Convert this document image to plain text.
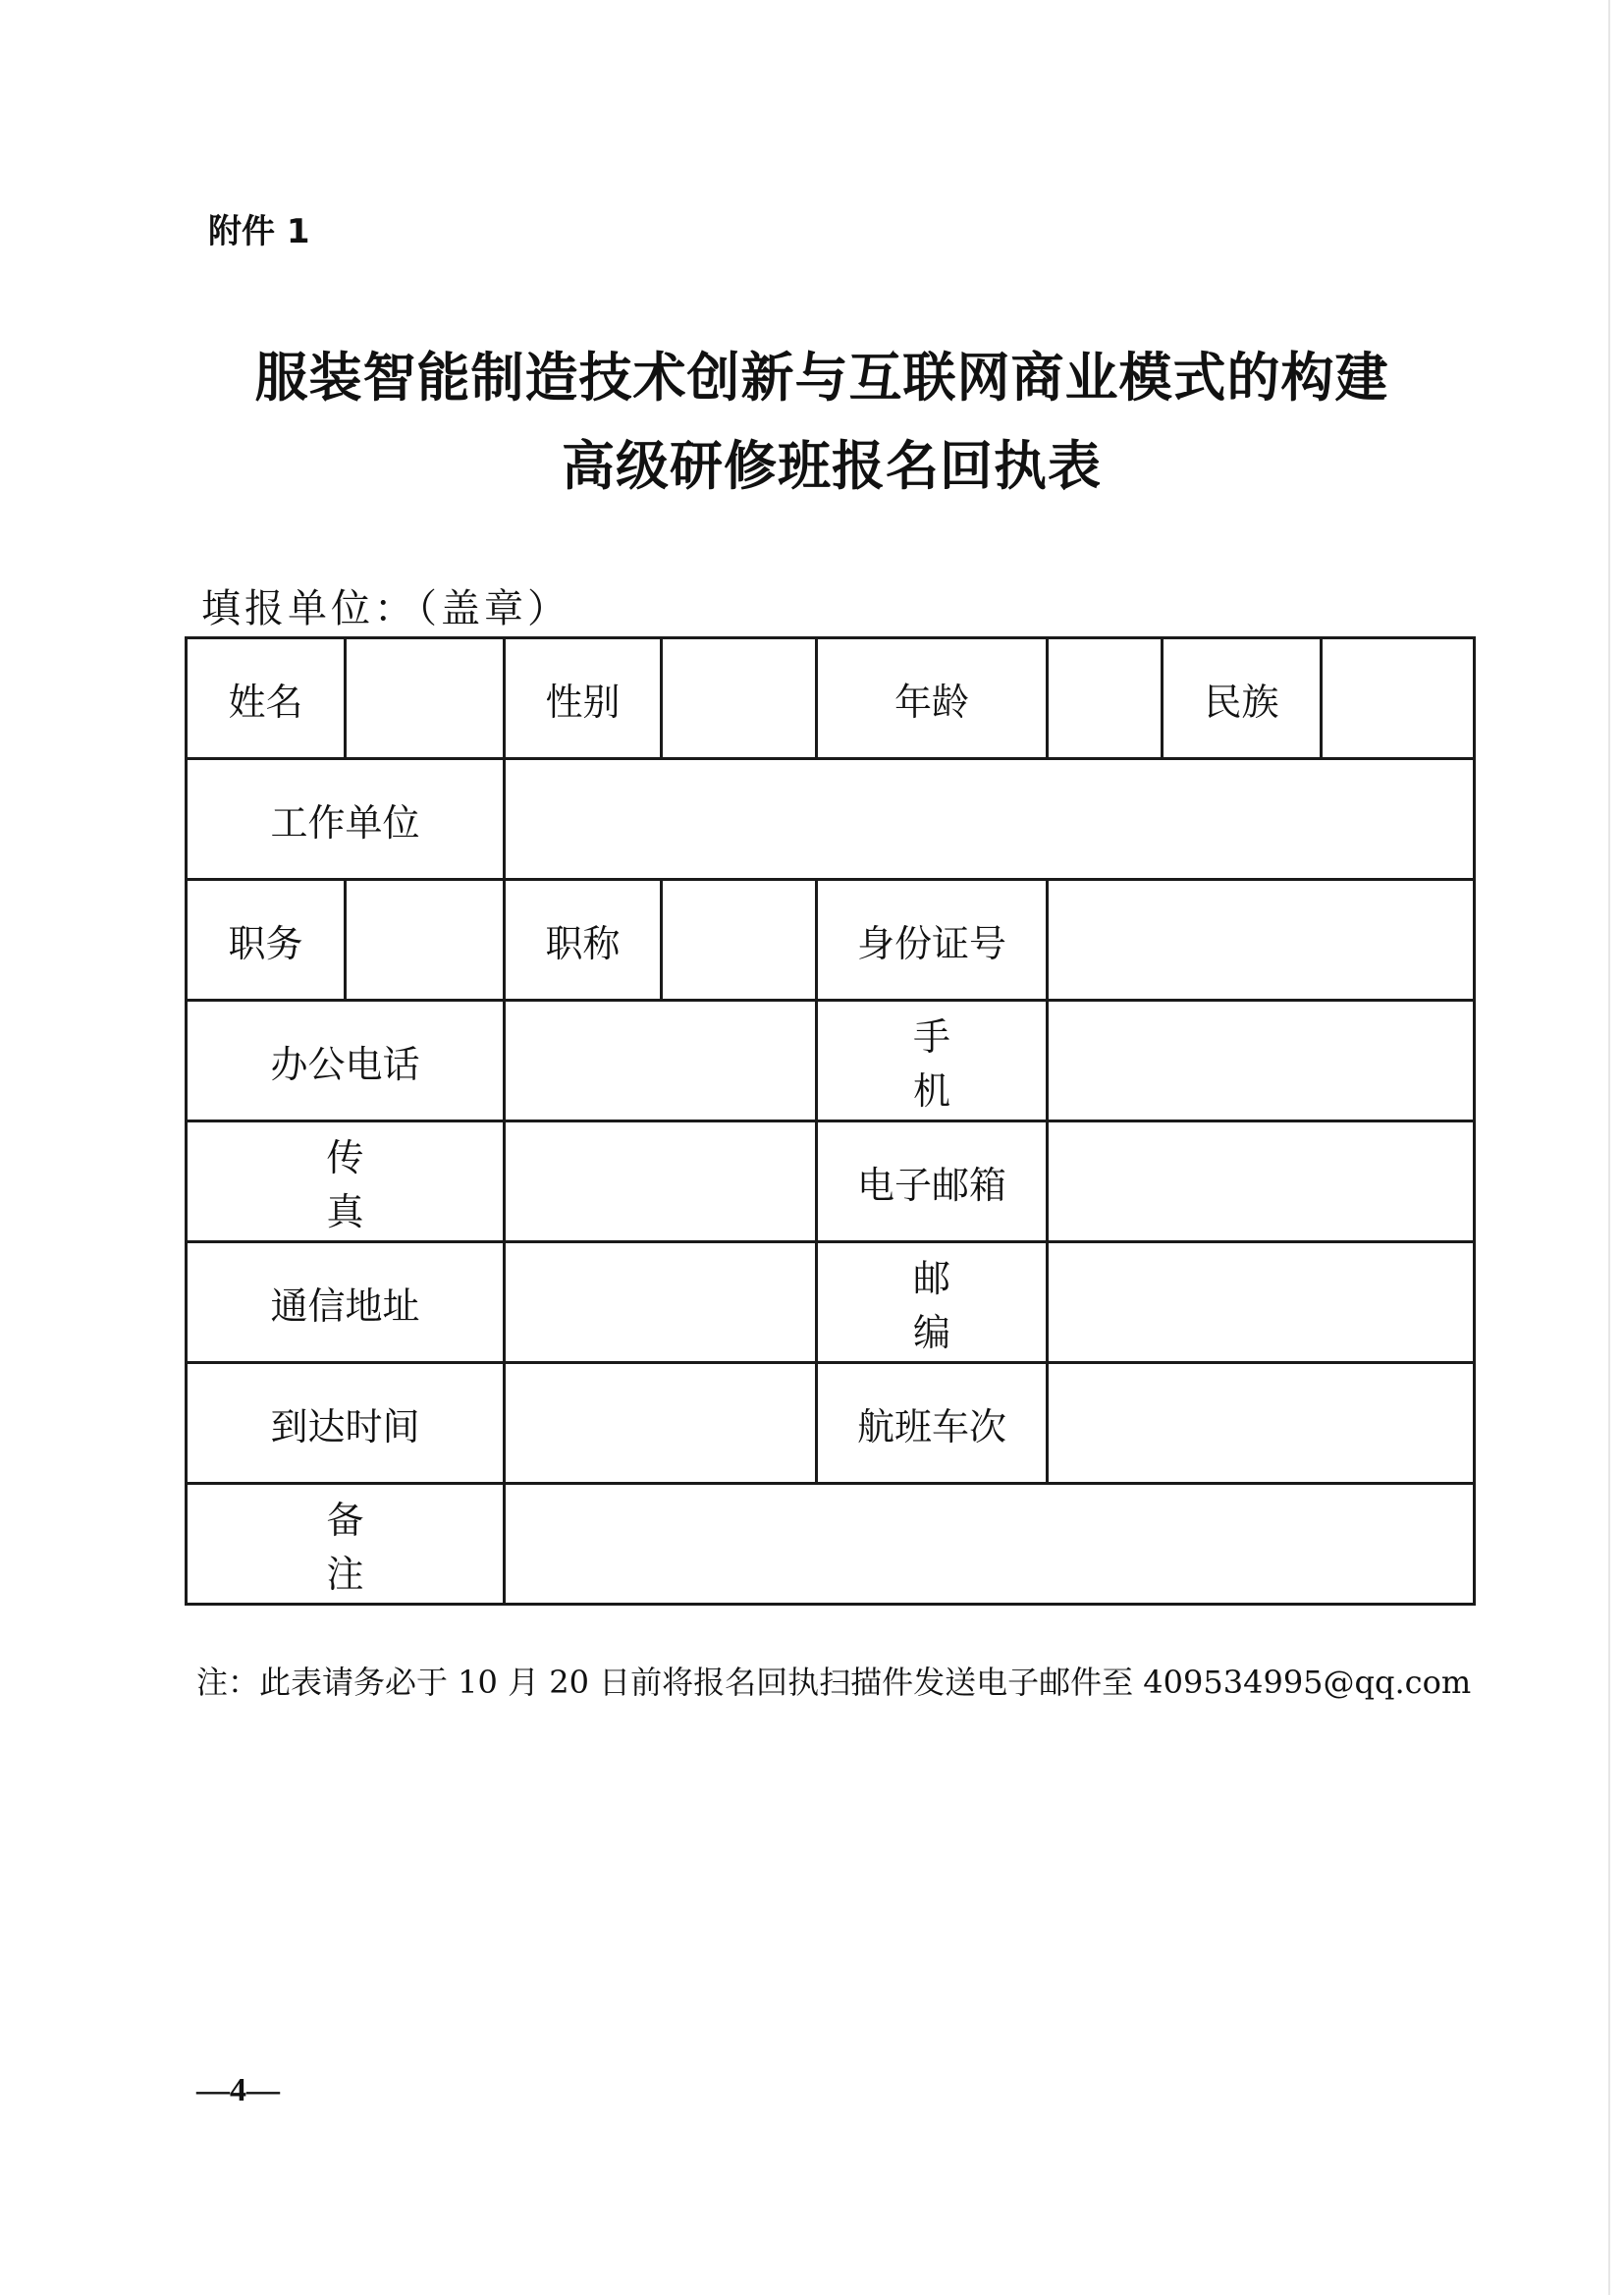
附件 1
服装智能制造技术创新与互联网商业模式的构建
高级研修班报名回执表
填报单位：（盖章）
姓名		性别		年龄		民族	
工作单位							
职务		职称		身份证号			
办公电话				手机			
传真				电子邮箱			
通信地址				邮编			
到达时间				航班车次			
备注							
注：此表请务必于 10 月 20 日前将报名回执扫描件发送电子邮件至 409534995@qq.com
—4—
